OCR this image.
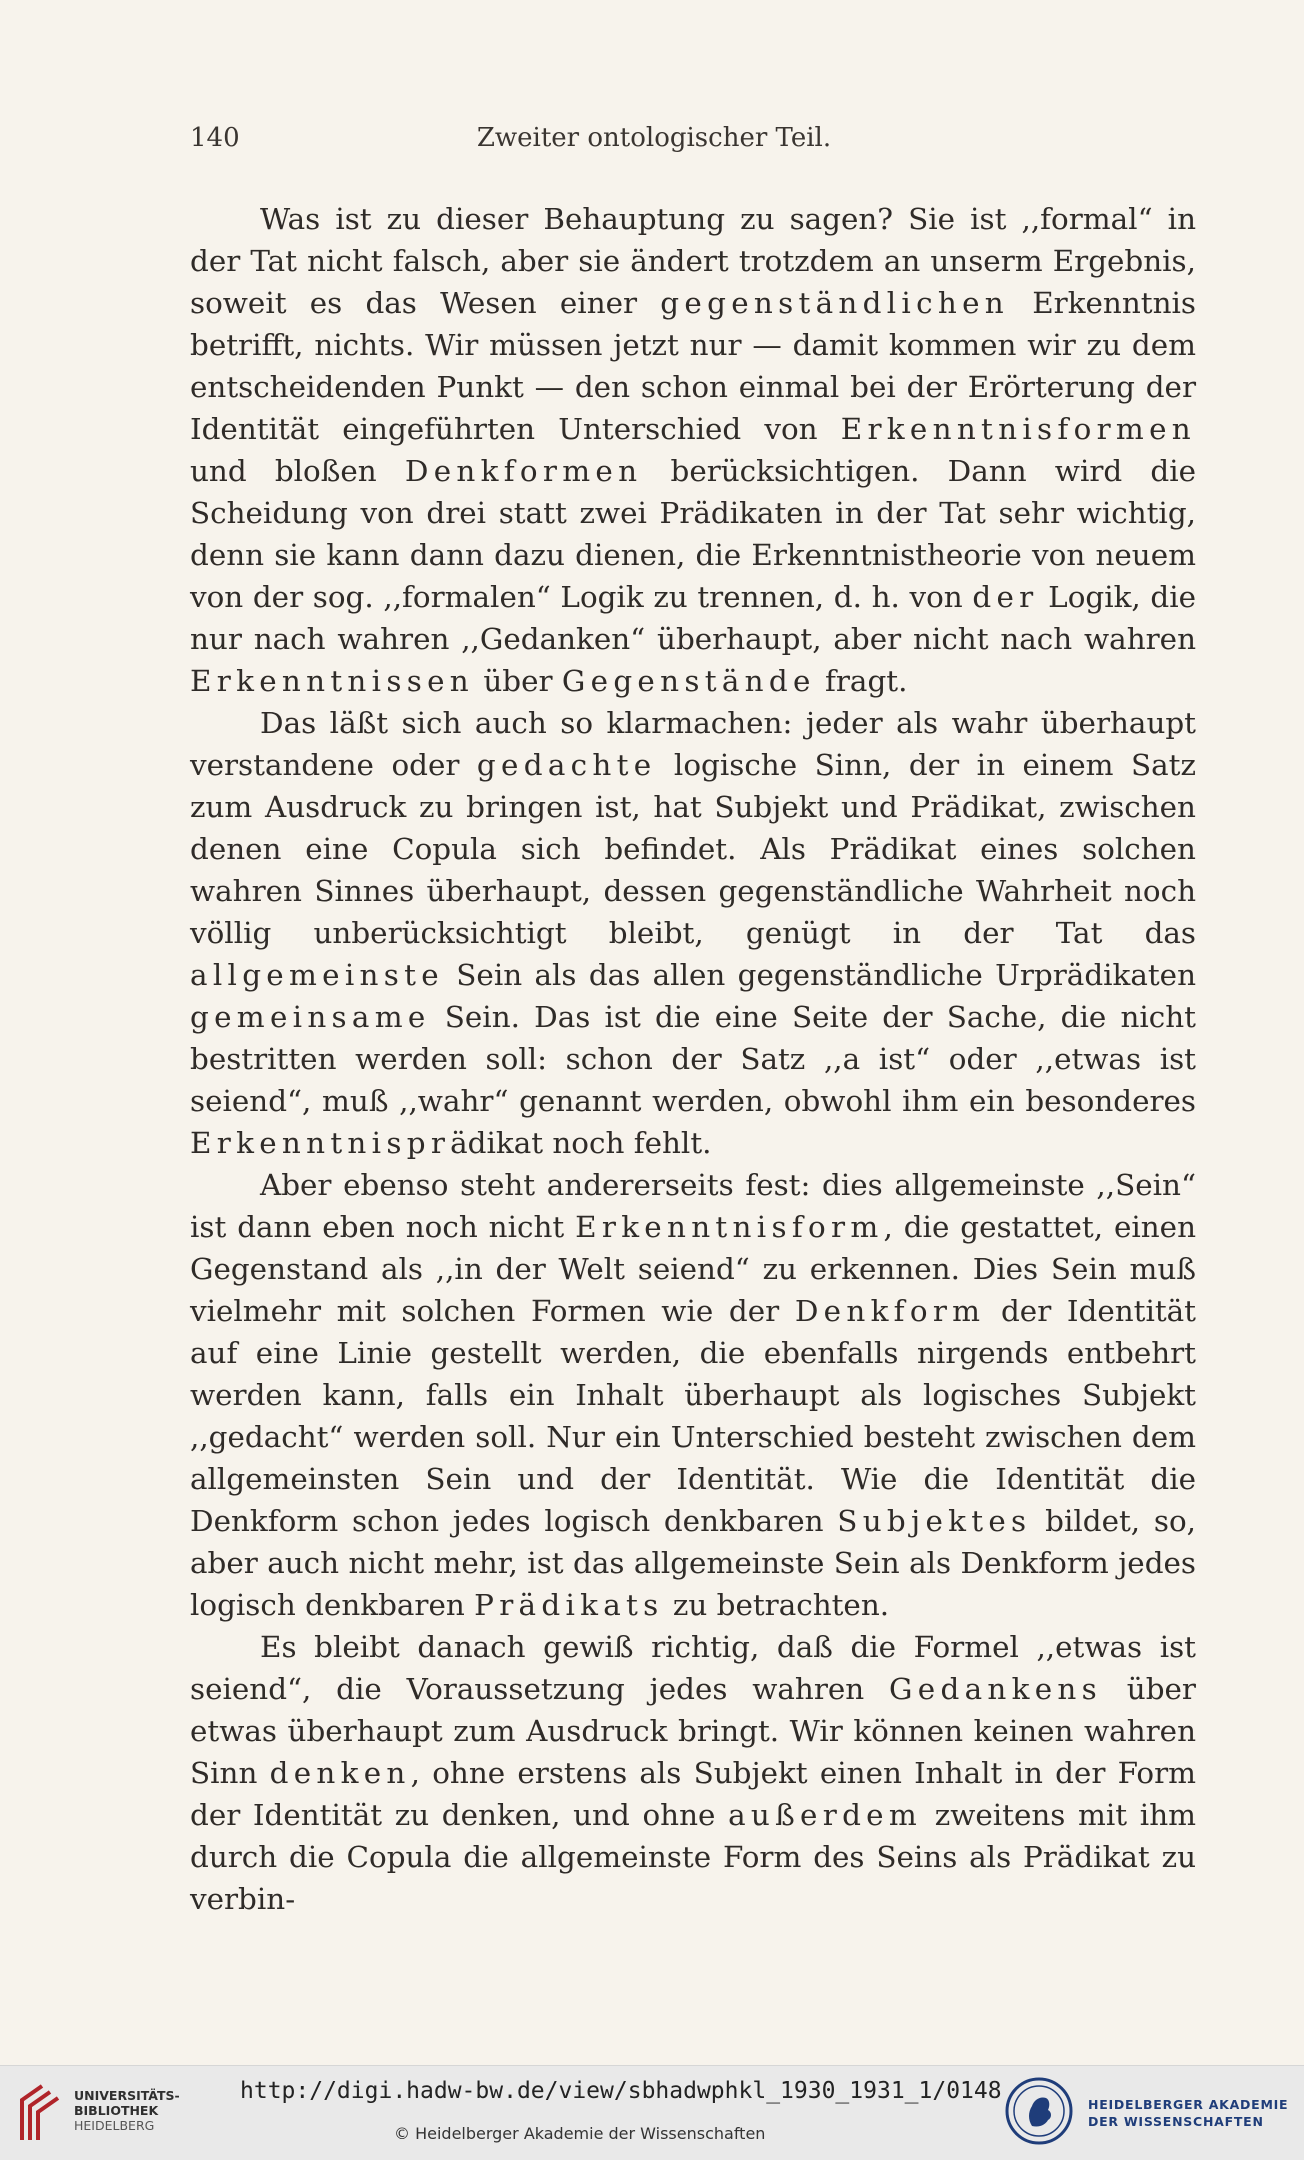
140	Zweiter ontologischer Teil.

Was ist zu dieser Behauptung zu sagen? Sie ist ,,formal“ in der Tat nicht falsch, aber sie ändert trotzdem an unserm Ergebnis, soweit es das Wesen einer gegenständlichen Erkenntnis betrifft, nichts. Wir müssen jetzt nur — damit kommen wir zu dem entscheidenden Punkt — den schon einmal bei der Erörterung der Identität eingeführten Unterschied von Erkenntnisformen und bloßen Denkformen berücksichtigen. Dann wird die Scheidung von drei statt zwei Prädikaten in der Tat sehr wichtig, denn sie kann dann dazu dienen, die Erkenntnistheorie von neuem von der sog. ,,formalen“ Logik zu trennen, d. h. von der Logik, die nur nach wahren ,,Gedanken“ überhaupt, aber nicht nach wahren Erkenntnissen über Gegenstände fragt.

Das läßt sich auch so klarmachen: jeder als wahr überhaupt verstandene oder gedachte logische Sinn, der in einem Satz zum Ausdruck zu bringen ist, hat Subjekt und Prädikat, zwischen denen eine Copula sich befindet. Als Prädikat eines solchen wahren Sinnes überhaupt, dessen gegenständliche Wahrheit noch völlig unberücksichtigt bleibt, genügt in der Tat das allgemeinste Sein als das allen gegenständliche Urprädikaten gemeinsame Sein. Das ist die eine Seite der Sache, die nicht bestritten werden soll: schon der Satz ,,a ist“ oder ,,etwas ist seiend“, muß ,,wahr“ genannt werden, obwohl ihm ein besonderes Erkenntnisprädikat noch fehlt.

Aber ebenso steht andererseits fest: dies allgemeinste ,,Sein“ ist dann eben noch nicht Erkenntnisform, die gestattet, einen Gegenstand als ,,in der Welt seiend“ zu erkennen. Dies Sein muß vielmehr mit solchen Formen wie der Denkform der Identität auf eine Linie gestellt werden, die ebenfalls nirgends entbehrt werden kann, falls ein Inhalt überhaupt als logisches Subjekt ,,gedacht“ werden soll. Nur ein Unterschied besteht zwischen dem allgemeinsten Sein und der Identität. Wie die Identität die Denkform schon jedes logisch denkbaren Subjektes bildet, so, aber auch nicht mehr, ist das allgemeinste Sein als Denkform jedes logisch denkbaren Prädikats zu betrachten.

Es bleibt danach gewiß richtig, daß die Formel ,,etwas ist seiend“, die Voraussetzung jedes wahren Gedankens über etwas überhaupt zum Ausdruck bringt. Wir können keinen wahren Sinn denken, ohne erstens als Subjekt einen Inhalt in der Form der Identität zu denken, und ohne außerdem zweitens mit ihm durch die Copula die allgemeinste Form des Seins als Prädikat zu verbin-

UNIVERSITÄTS-
BIBLIOTHEK
HEIDELBERG
http://digi.hadw-bw.de/view/sbhadwphkl_1930_1931_1/0148
© Heidelberger Akademie der Wissenschaften
HEIDELBERGER AKADEMIE
DER WISSENSCHAFTEN
